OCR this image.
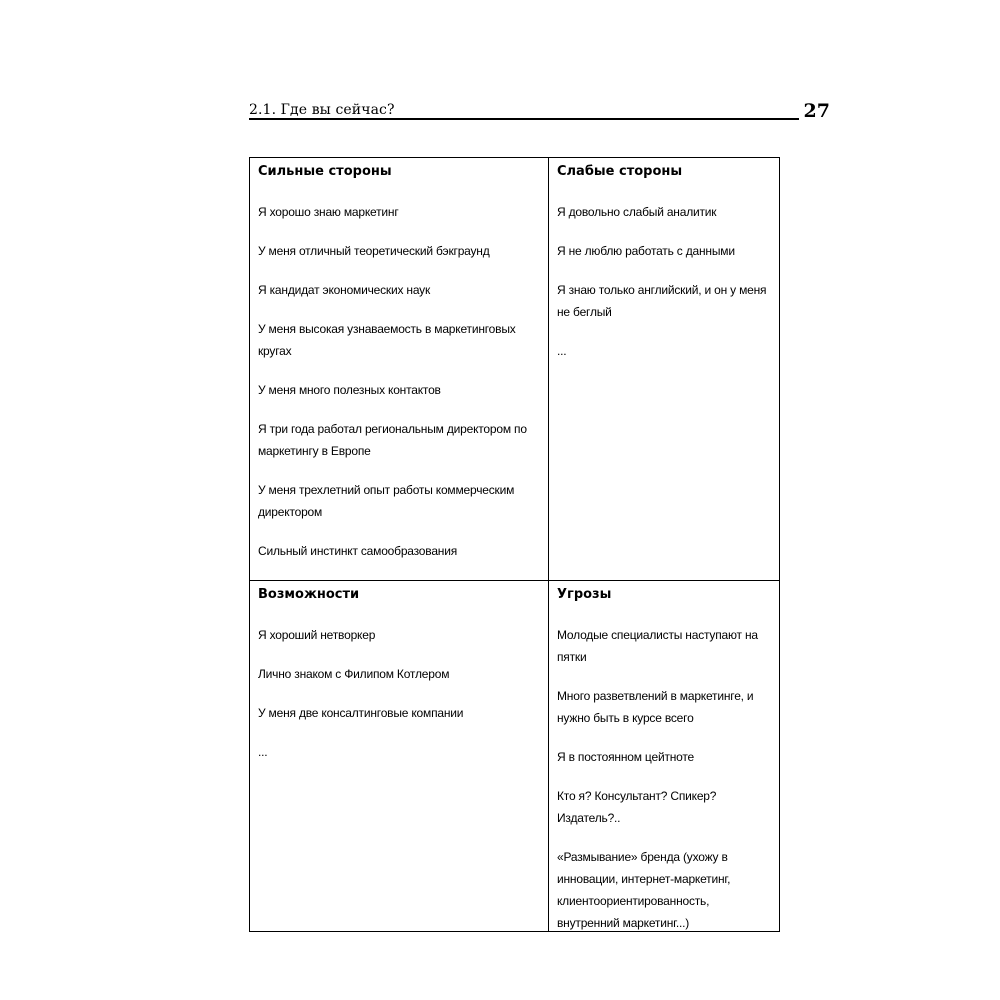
2.1. Где вы сейчас?	27
Сильные стороны
Я хорошо знаю маркетинг
У меня отличный теоретический бэкграунд
Я кандидат экономических наук
У меня высокая узнаваемость в маркетинговых кругах
У меня много полезных контактов
Я три года работал региональным директором по маркетингу в Европе
У меня трехлетний опыт работы коммерческим директором
Сильный инстинкт самообразования
Слабые стороны
Я довольно слабый аналитик
Я не люблю работать с данными
Я знаю только английский, и он у меня не беглый
...
Возможности
Я хороший нетворкер
Лично знаком с Филипом Котлером
У меня две консалтинговые компании
...
Угрозы
Молодые специалисты наступают на пятки
Много разветвлений в маркетинге, и нужно быть в курсе всего
Я в постоянном цейтноте
Кто я? Консультант? Спикер? Издатель?..
«Размывание» бренда (ухожу в инновации, интернет-маркетинг, клиентоориентированность, внутренний маркетинг...)
